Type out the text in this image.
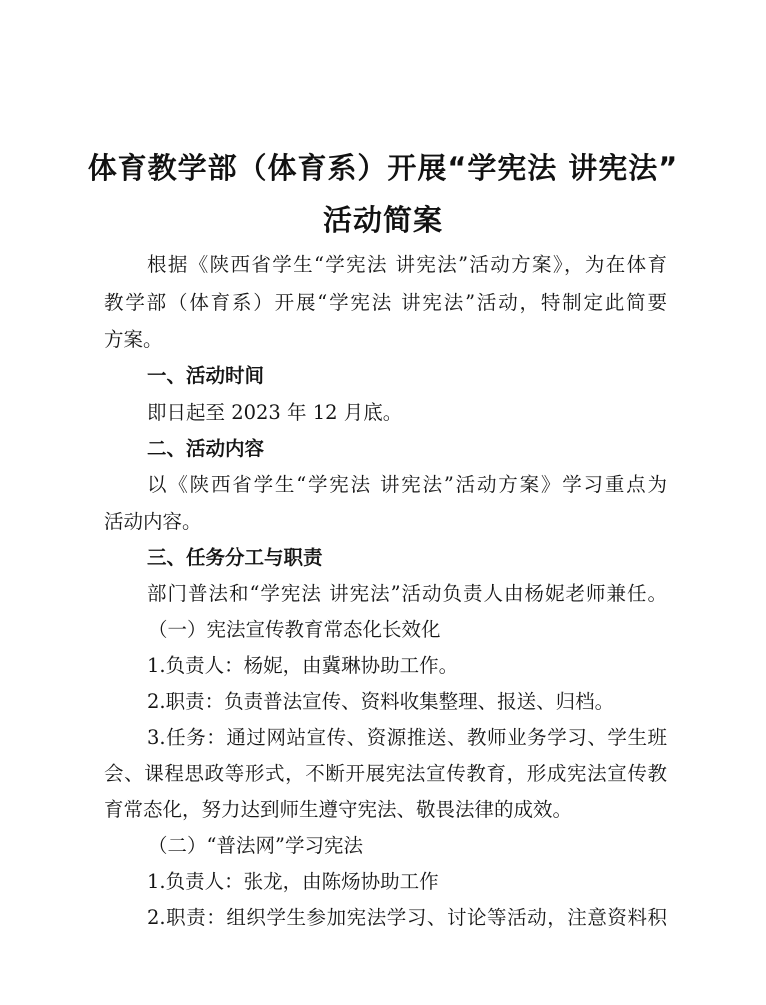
体育教学部（体育系）开展“学宪法 讲宪法”
活动简案
根据《陕西省学生“学宪法 讲宪法”活动方案》，为在体育
教学部（体育系）开展“学宪法 讲宪法”活动，特制定此简要
方案。
一、活动时间
即日起至 2023 年 12 月底。
二、活动内容
以《陕西省学生“学宪法 讲宪法”活动方案》学习重点为
活动内容。
三、任务分工与职责
部门普法和“学宪法 讲宪法”活动负责人由杨妮老师兼任。
（一）宪法宣传教育常态化长效化
1.负责人：杨妮，由冀琳协助工作。
2.职责：负责普法宣传、资料收集整理、报送、归档。
3.任务：通过网站宣传、资源推送、教师业务学习、学生班
会、课程思政等形式，不断开展宪法宣传教育，形成宪法宣传教
育常态化，努力达到师生遵守宪法、敬畏法律的成效。
（二）“普法网”学习宪法
1.负责人：张龙，由陈炀协助工作
2.职责：组织学生参加宪法学习、讨论等活动，注意资料积
